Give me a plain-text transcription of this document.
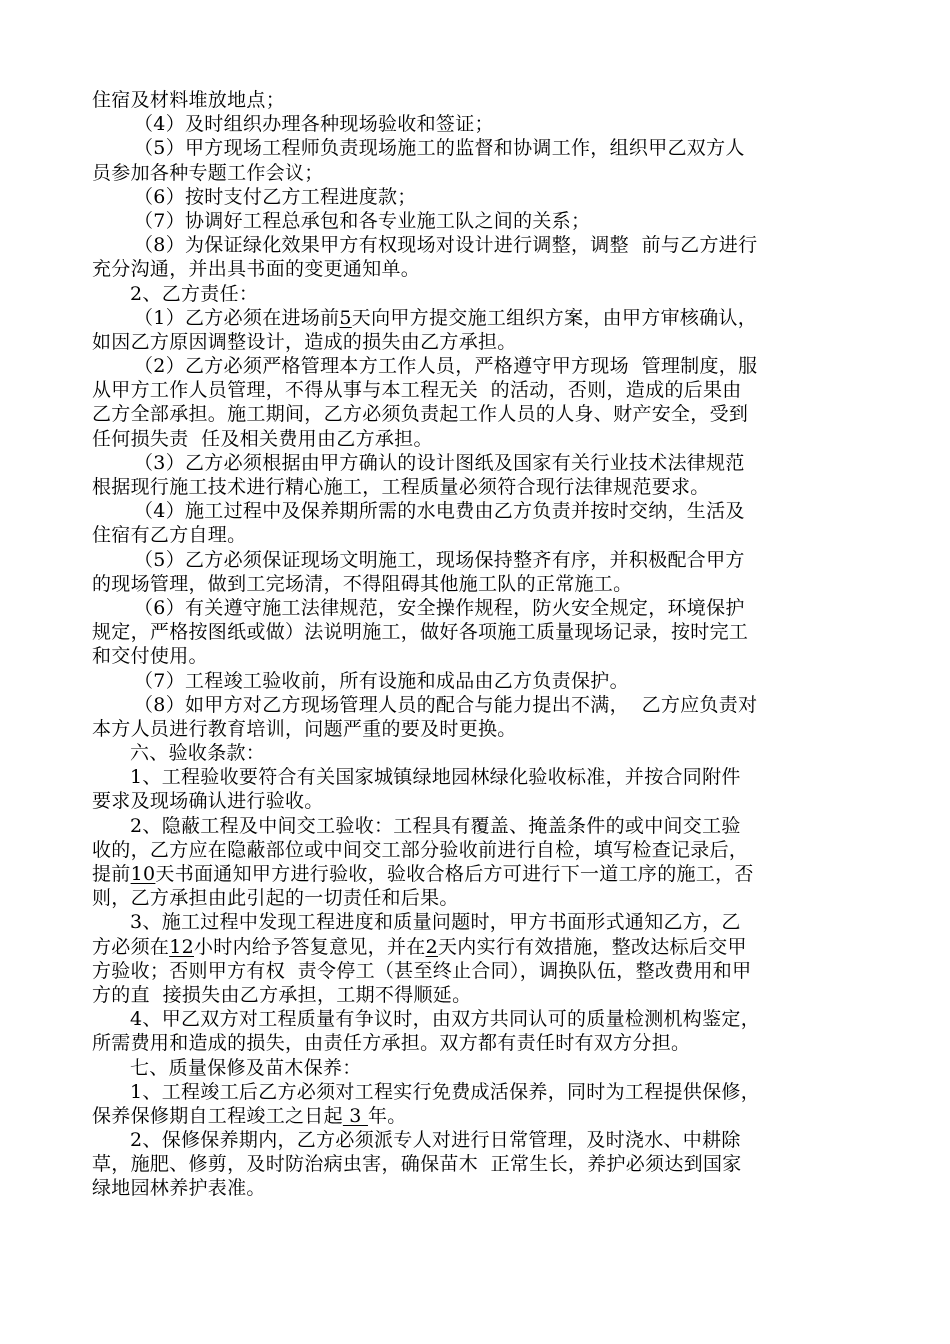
住宿及材料堆放地点；
（4）及时组织办理各种现场验收和签证；
（5）甲方现场工程师负责现场施工的监督和协调工作，组织甲乙双方人
员参加各种专题工作会议；
（6）按时支付乙方工程进度款；
（7）协调好工程总承包和各专业施工队之间的关系；
（8）为保证绿化效果甲方有权现场对设计进行调整，调整  前与乙方进行
充分沟通，并出具书面的变更通知单。
2、乙方责任：
（1）乙方必须在进场前5天向甲方提交施工组织方案，由甲方审核确认，
如因乙方原因调整设计，造成的损失由乙方承担。
（2）乙方必须严格管理本方工作人员，严格遵守甲方现场  管理制度，服
从甲方工作人员管理，不得从事与本工程无关  的活动，否则，造成的后果由
乙方全部承担。施工期间，乙方必须负责起工作人员的人身、财产安全，受到
任何损失责  任及相关费用由乙方承担。
（3）乙方必须根据由甲方确认的设计图纸及国家有关行业技术法律规范
根据现行施工技术进行精心施工，工程质量必须符合现行法律规范要求。
（4）施工过程中及保养期所需的水电费由乙方负责并按时交纳，生活及
住宿有乙方自理。
（5）乙方必须保证现场文明施工，现场保持整齐有序，并积极配合甲方
的现场管理，做到工完场清，不得阻碍其他施工队的正常施工。
（6）有关遵守施工法律规范，安全操作规程，防火安全规定，环境保护
规定，严格按图纸或做）法说明施工，做好各项施工质量现场记录，按时完工
和交付使用。
（7）工程竣工验收前，所有设施和成品由乙方负责保护。
（8）如甲方对乙方现场管理人员的配合与能力提出不满，  乙方应负责对
本方人员进行教育培训，问题严重的要及时更换。
六、验收条款：
1、工程验收要符合有关国家城镇绿地园林绿化验收标准，并按合同附件
要求及现场确认进行验收。
2、隐蔽工程及中间交工验收：工程具有覆盖、掩盖条件的或中间交工验
收的，乙方应在隐蔽部位或中间交工部分验收前进行自检，填写检查记录后，
提前10天书面通知甲方进行验收，验收合格后方可进行下一道工序的施工，否
则，乙方承担由此引起的一切责任和后果。
3、施工过程中发现工程进度和质量问题时，甲方书面形式通知乙方，乙
方必须在12小时内给予答复意见，并在2天内实行有效措施，整改达标后交甲
方验收；否则甲方有权  责令停工（甚至终止合同），调换队伍，整改费用和甲
方的直  接损失由乙方承担，工期不得顺延。
4、甲乙双方对工程质量有争议时，由双方共同认可的质量检测机构鉴定，
所需费用和造成的损失，由责任方承担。双方都有责任时有双方分担。
七、质量保修及苗木保养：
1、工程竣工后乙方必须对工程实行免费成活保养，同时为工程提供保修，
保养保修期自工程竣工之日起 3 年。
2、保修保养期内，乙方必须派专人对进行日常管理，及时浇水、中耕除
草，施肥、修剪，及时防治病虫害，确保苗木  正常生长，养护必须达到国家
绿地园林养护表准。
